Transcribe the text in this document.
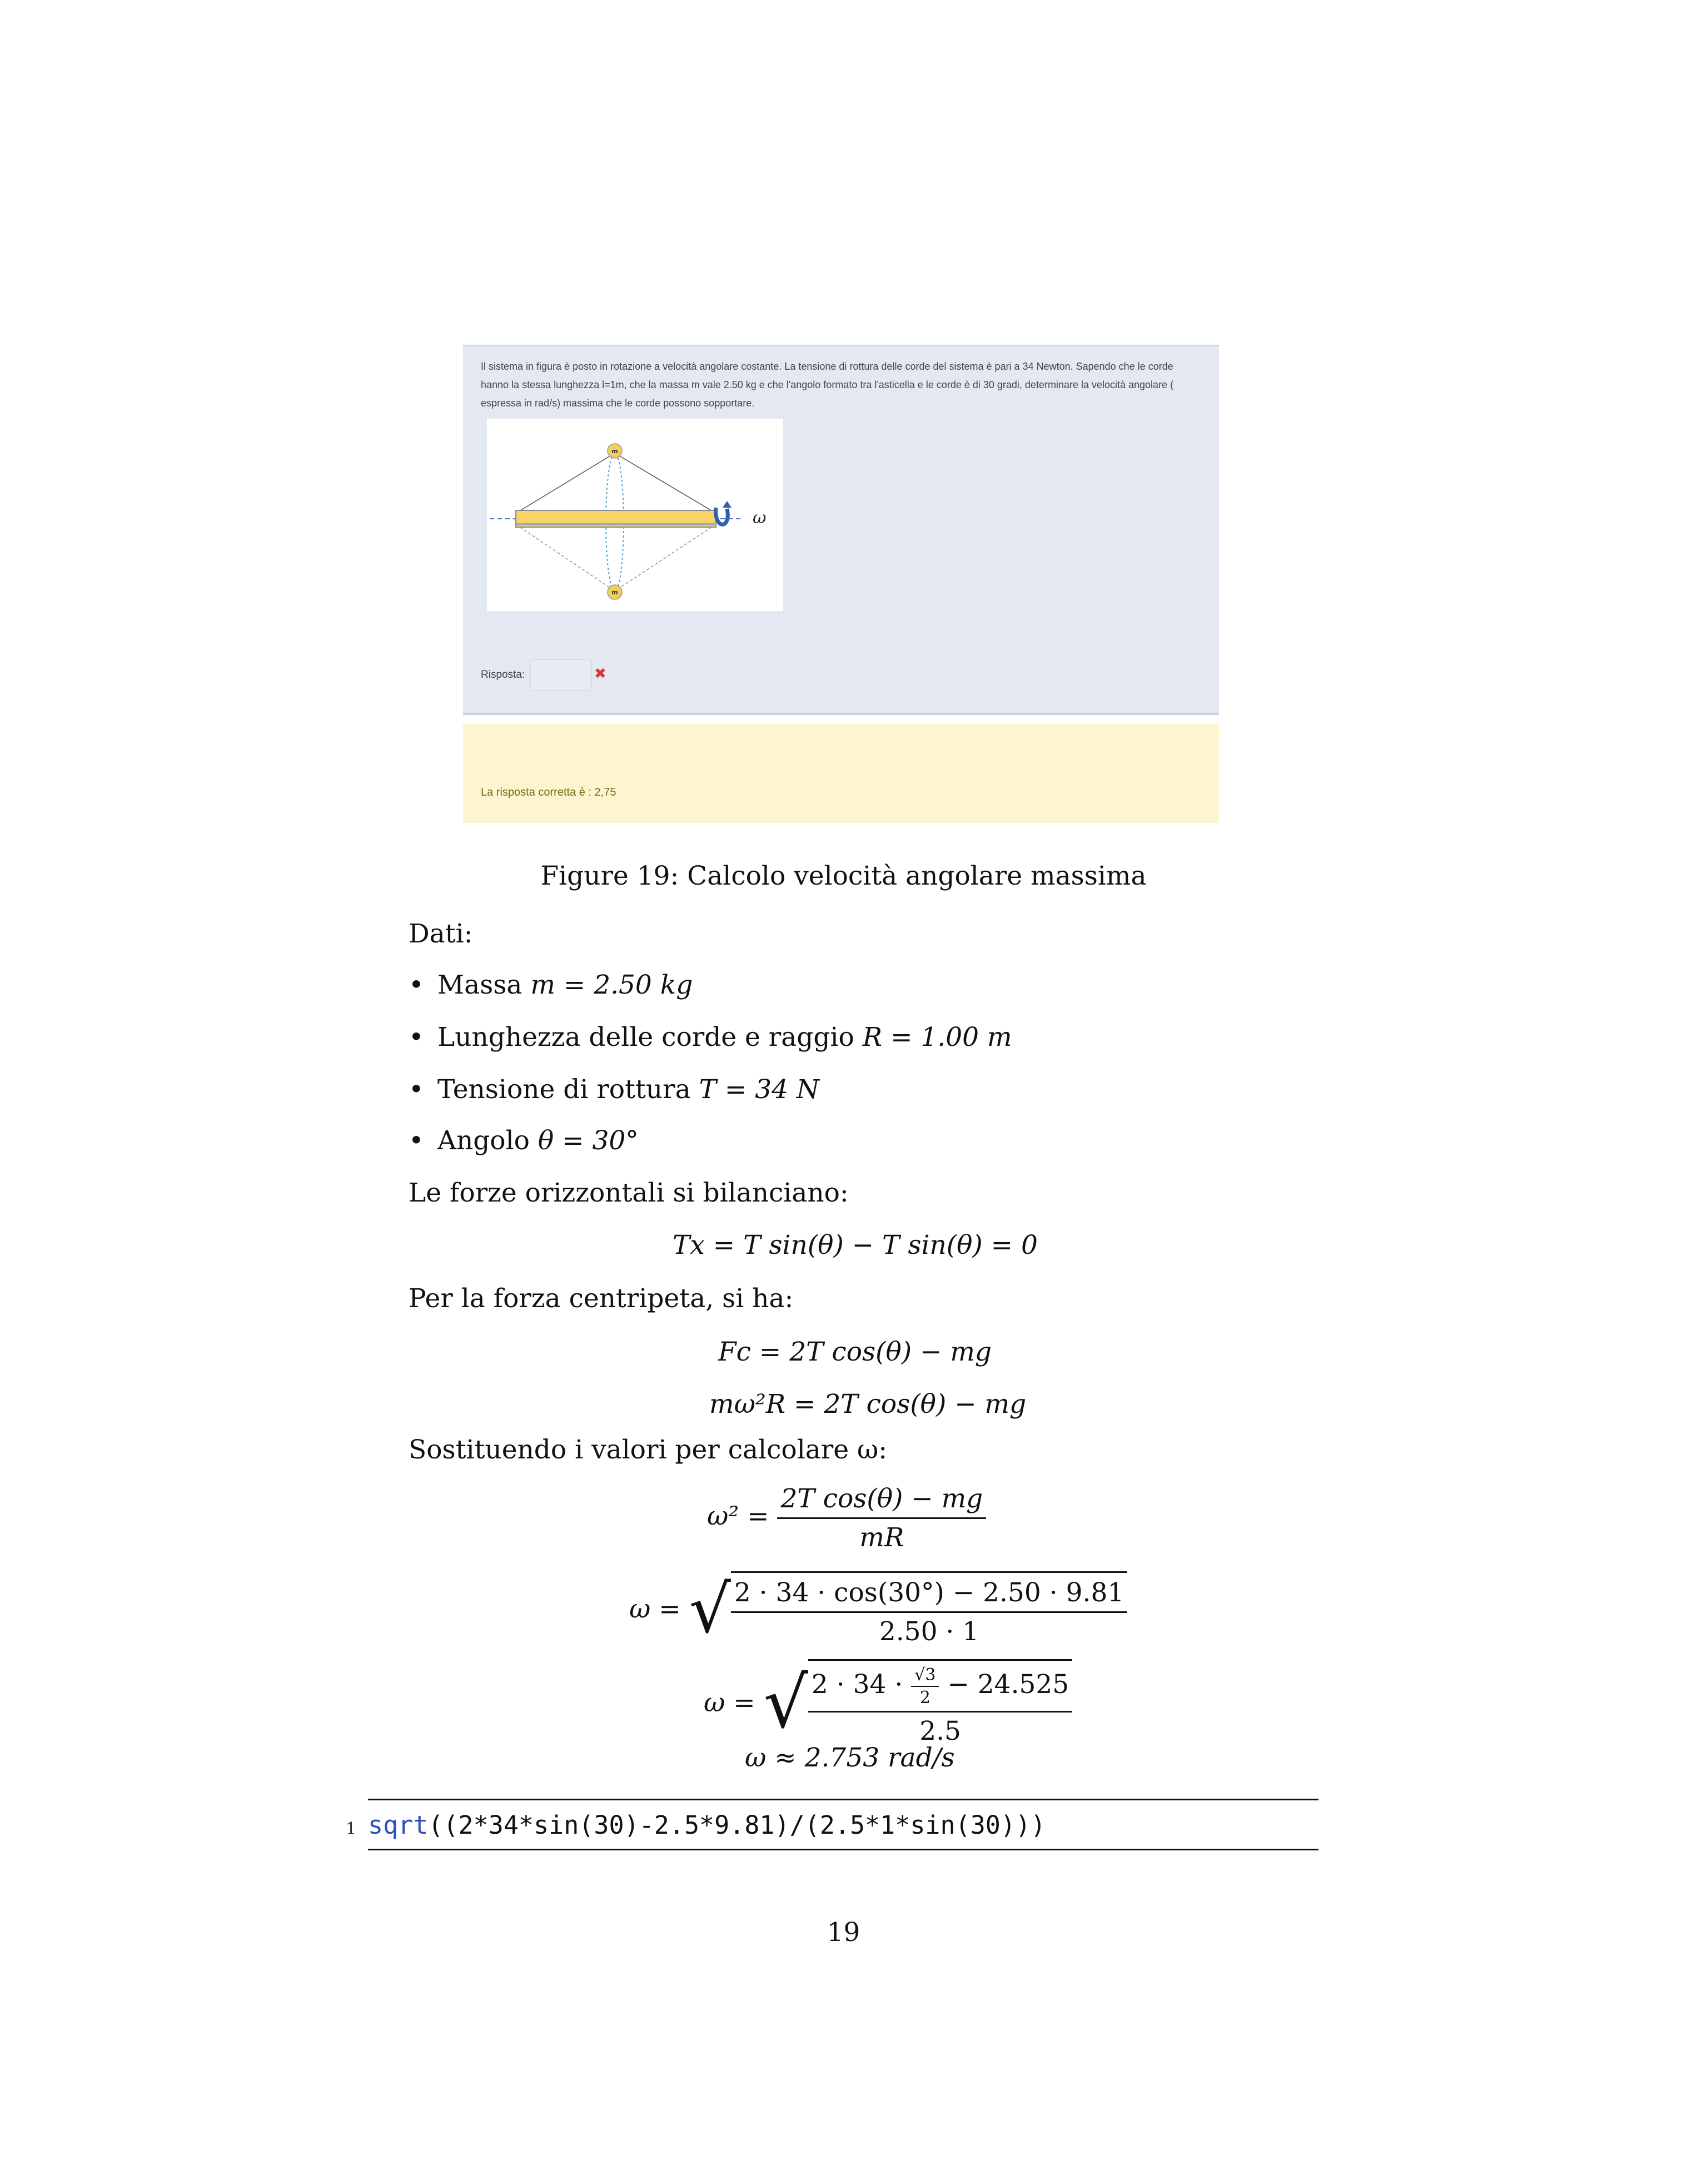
Il sistema in figura è posto in rotazione a velocità angolare costante. La tensione di rottura delle corde del sistema è pari a 34 Newton. Sapendo che le corde hanno la stessa lunghezza l=1m, che la massa m vale 2.50 kg e che l'angolo formato tra l'asticella e le corde è di 30 gradi, determinare la velocità angolare ( espressa in rad/s) massima che le corde possono sopportare.

ω
m
m
Risposta:	✖
La risposta corretta è : 2,75
Figure 19: Calcolo velocità angolare massima
Dati:
• Massa m = 2.50 kg
• Lunghezza delle corde e raggio R = 1.00 m
• Tensione di rottura T = 34 N
• Angolo θ = 30°
Le forze orizzontali si bilanciano:
Tx = T sin(θ) − T sin(θ) = 0
Per la forza centripeta, si ha:
Fc = 2T cos(θ) − mg
mω²R = 2T cos(θ) − mg
Sostituendo i valori per calcolare ω:
$\omega^2 = \frac{\text{2T cos(θ) − mg}}{mR}$
ω = √ $\frac{2 \cdot 34 \cdot \cos(30^\circ) - 2.50 \cdot 9.81}{2.50 \cdot 1}$
ω = √ $\frac{2 \cdot 34 \cdot \frac{√3}{2} - 24.525}{2.5}$
ω ≈ 2.753 rad/s
1 sqrt((2*34*sin(30)-2.5*9.81)/(2.5*1*sin(30)))
19
